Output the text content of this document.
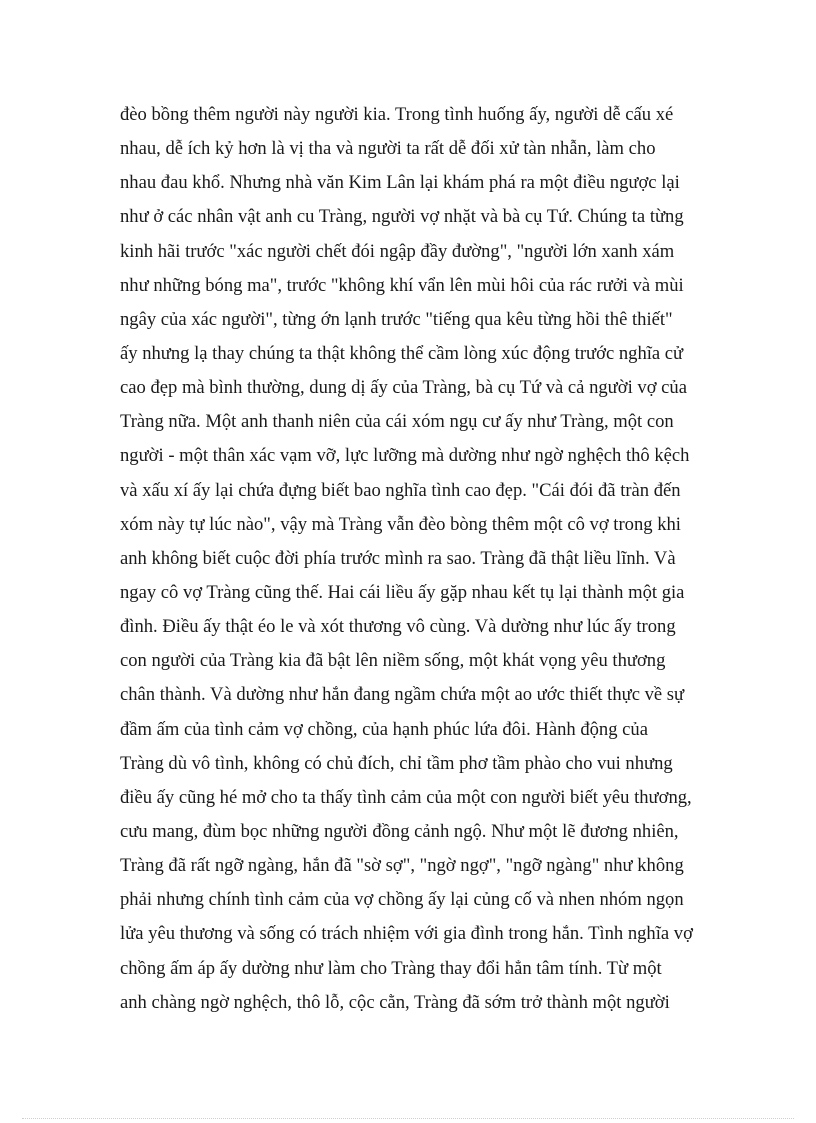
đèo bồng thêm người này người kia. Trong tình huống ấy, người dễ cấu xé
nhau, dễ ích kỷ hơn là vị tha và người ta rất dễ đối xử tàn nhẫn, làm cho
nhau đau khổ. Nhưng nhà văn Kim Lân lại khám phá ra một điều ngược lại
như ở các nhân vật anh cu Tràng, người vợ nhặt và bà cụ Tứ. Chúng ta từng
kinh hãi trước "xác người chết đói ngập đầy đường", "người lớn xanh xám
như những bóng ma", trước "không khí vẩn lên mùi hôi của rác rưởi và mùi
ngây của xác người", từng ớn lạnh trước "tiếng qua kêu từng hồi thê thiết"
ấy nhưng lạ thay chúng ta thật không thể cầm lòng xúc động trước nghĩa cử
cao đẹp mà bình thường, dung dị ấy của Tràng, bà cụ Tứ và cả người vợ của
Tràng nữa. Một anh thanh niên của cái xóm ngụ cư ấy như Tràng, một con
người - một thân xác vạm vỡ, lực lưỡng mà dường như ngờ nghệch thô kệch
và xấu xí ấy lại chứa đựng biết bao nghĩa tình cao đẹp. "Cái đói đã tràn đến
xóm này tự lúc nào", vậy mà Tràng vẫn đèo bòng thêm một cô vợ trong khi
anh không biết cuộc đời phía trước mình ra sao. Tràng đã thật liều lĩnh. Và
ngay cô vợ Tràng cũng thế. Hai cái liều ấy gặp nhau kết tụ lại thành một gia
đình. Điều ấy thật éo le và xót thương vô cùng. Và dường như lúc ấy trong
con người của Tràng kia đã bật lên niềm sống, một khát vọng yêu thương
chân thành. Và dường như hắn đang ngầm chứa một ao ước thiết thực về sự
đầm ấm của tình cảm vợ chồng, của hạnh phúc lứa đôi. Hành động của
Tràng dù vô tình, không có chủ đích, chỉ tầm phơ tầm phào cho vui nhưng
điều ấy cũng hé mở cho ta thấy tình cảm của một con người biết yêu thương,
cưu mang, đùm bọc những người đồng cảnh ngộ. Như một lẽ đương nhiên,
Tràng đã rất ngỡ ngàng, hắn đã "sờ sợ", "ngờ ngợ", "ngỡ ngàng" như không
phải nhưng chính tình cảm của vợ chồng ấy lại củng cố và nhen nhóm ngọn
lửa yêu thương và sống có trách nhiệm với gia đình trong hắn. Tình nghĩa vợ
chồng ấm áp ấy dường như làm cho Tràng thay đổi hẳn tâm tính. Từ một
anh chàng ngờ nghệch, thô lỗ, cộc cằn, Tràng đã sớm trở thành một người
